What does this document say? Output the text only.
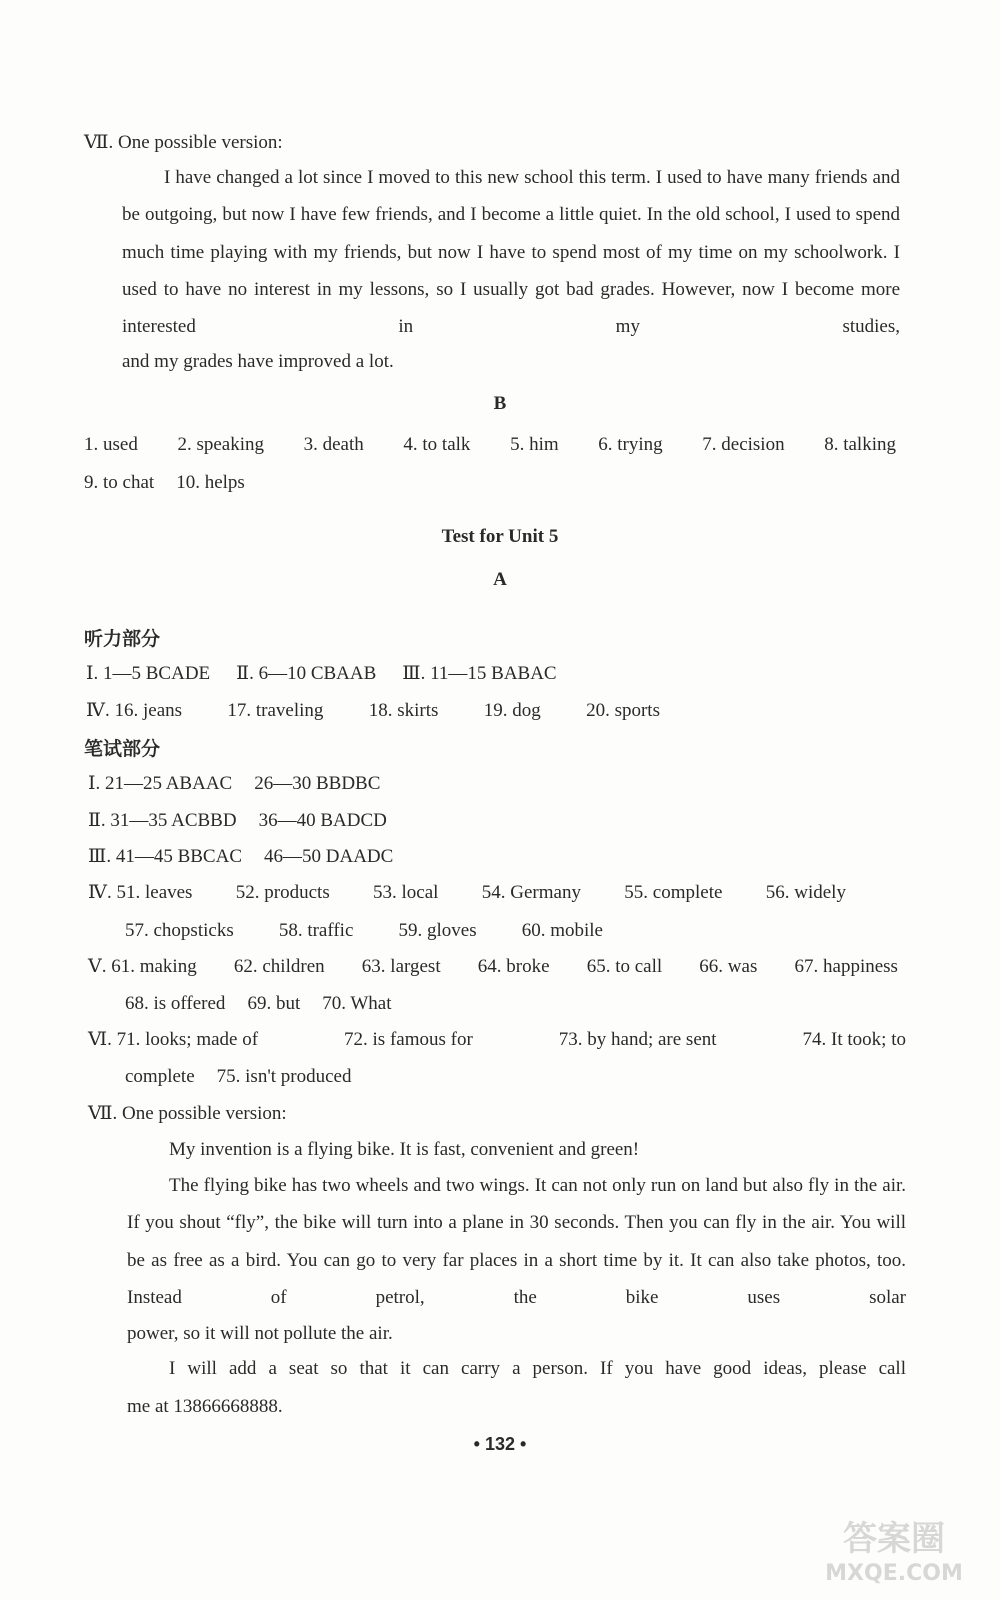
Ⅶ. One possible version:
I have changed a lot since I moved to this new school this term. I used to have many friends and be outgoing, but now I have few friends, and I become a little quiet. In the old school, I used to spend much time playing with my friends, but now I have to spend most of my time on my schoolwork. I used to have no interest in my lessons, so I usually got bad grades. However, now I become more interested in my studies,
and my grades have improved a lot.
B
1. used 2. speaking 3. death 4. to talk 5. him 6. trying 7. decision 8. talking
9. to chat 10. helps
Test for Unit 5
A
听力部分
Ⅰ. 1—5 BCADE Ⅱ. 6—10 CBAAB Ⅲ. 11—15 BABAC
Ⅳ. 16. jeans 17. traveling 18. skirts 19. dog 20. sports
笔试部分
Ⅰ. 21—25 ABAAC 26—30 BBDBC
Ⅱ. 31—35 ACBBD 36—40 BADCD
Ⅲ. 41—45 BBCAC 46—50 DAADC
Ⅳ. 51. leaves 52. products 53. local 54. Germany 55. complete 56. widely
57. chopsticks 58. traffic 59. gloves 60. mobile
Ⅴ. 61. making 62. children 63. largest 64. broke 65. to call 66. was 67. happiness
68. is offered 69. but 70. What
Ⅵ. 71. looks; made of	72. is famous for	73. by hand; are sent	74. It took; to
complete 75. isn't produced
Ⅶ. One possible version:
My invention is a flying bike. It is fast, convenient and green!
The flying bike has two wheels and two wings. It can not only run on land but also fly in the air. If you shout “fly”, the bike will turn into a plane in 30 seconds. Then you can fly in the air. You will be as free as a bird. You can go to very far places in a short time by it. It can also take photos, too. Instead of petrol, the bike uses solar
power, so it will not pollute the air.
I will add a seat so that it can carry a person. If you have good ideas, please call
me at 13866668888.
• 132 •
答案圈
MXQE.COM
